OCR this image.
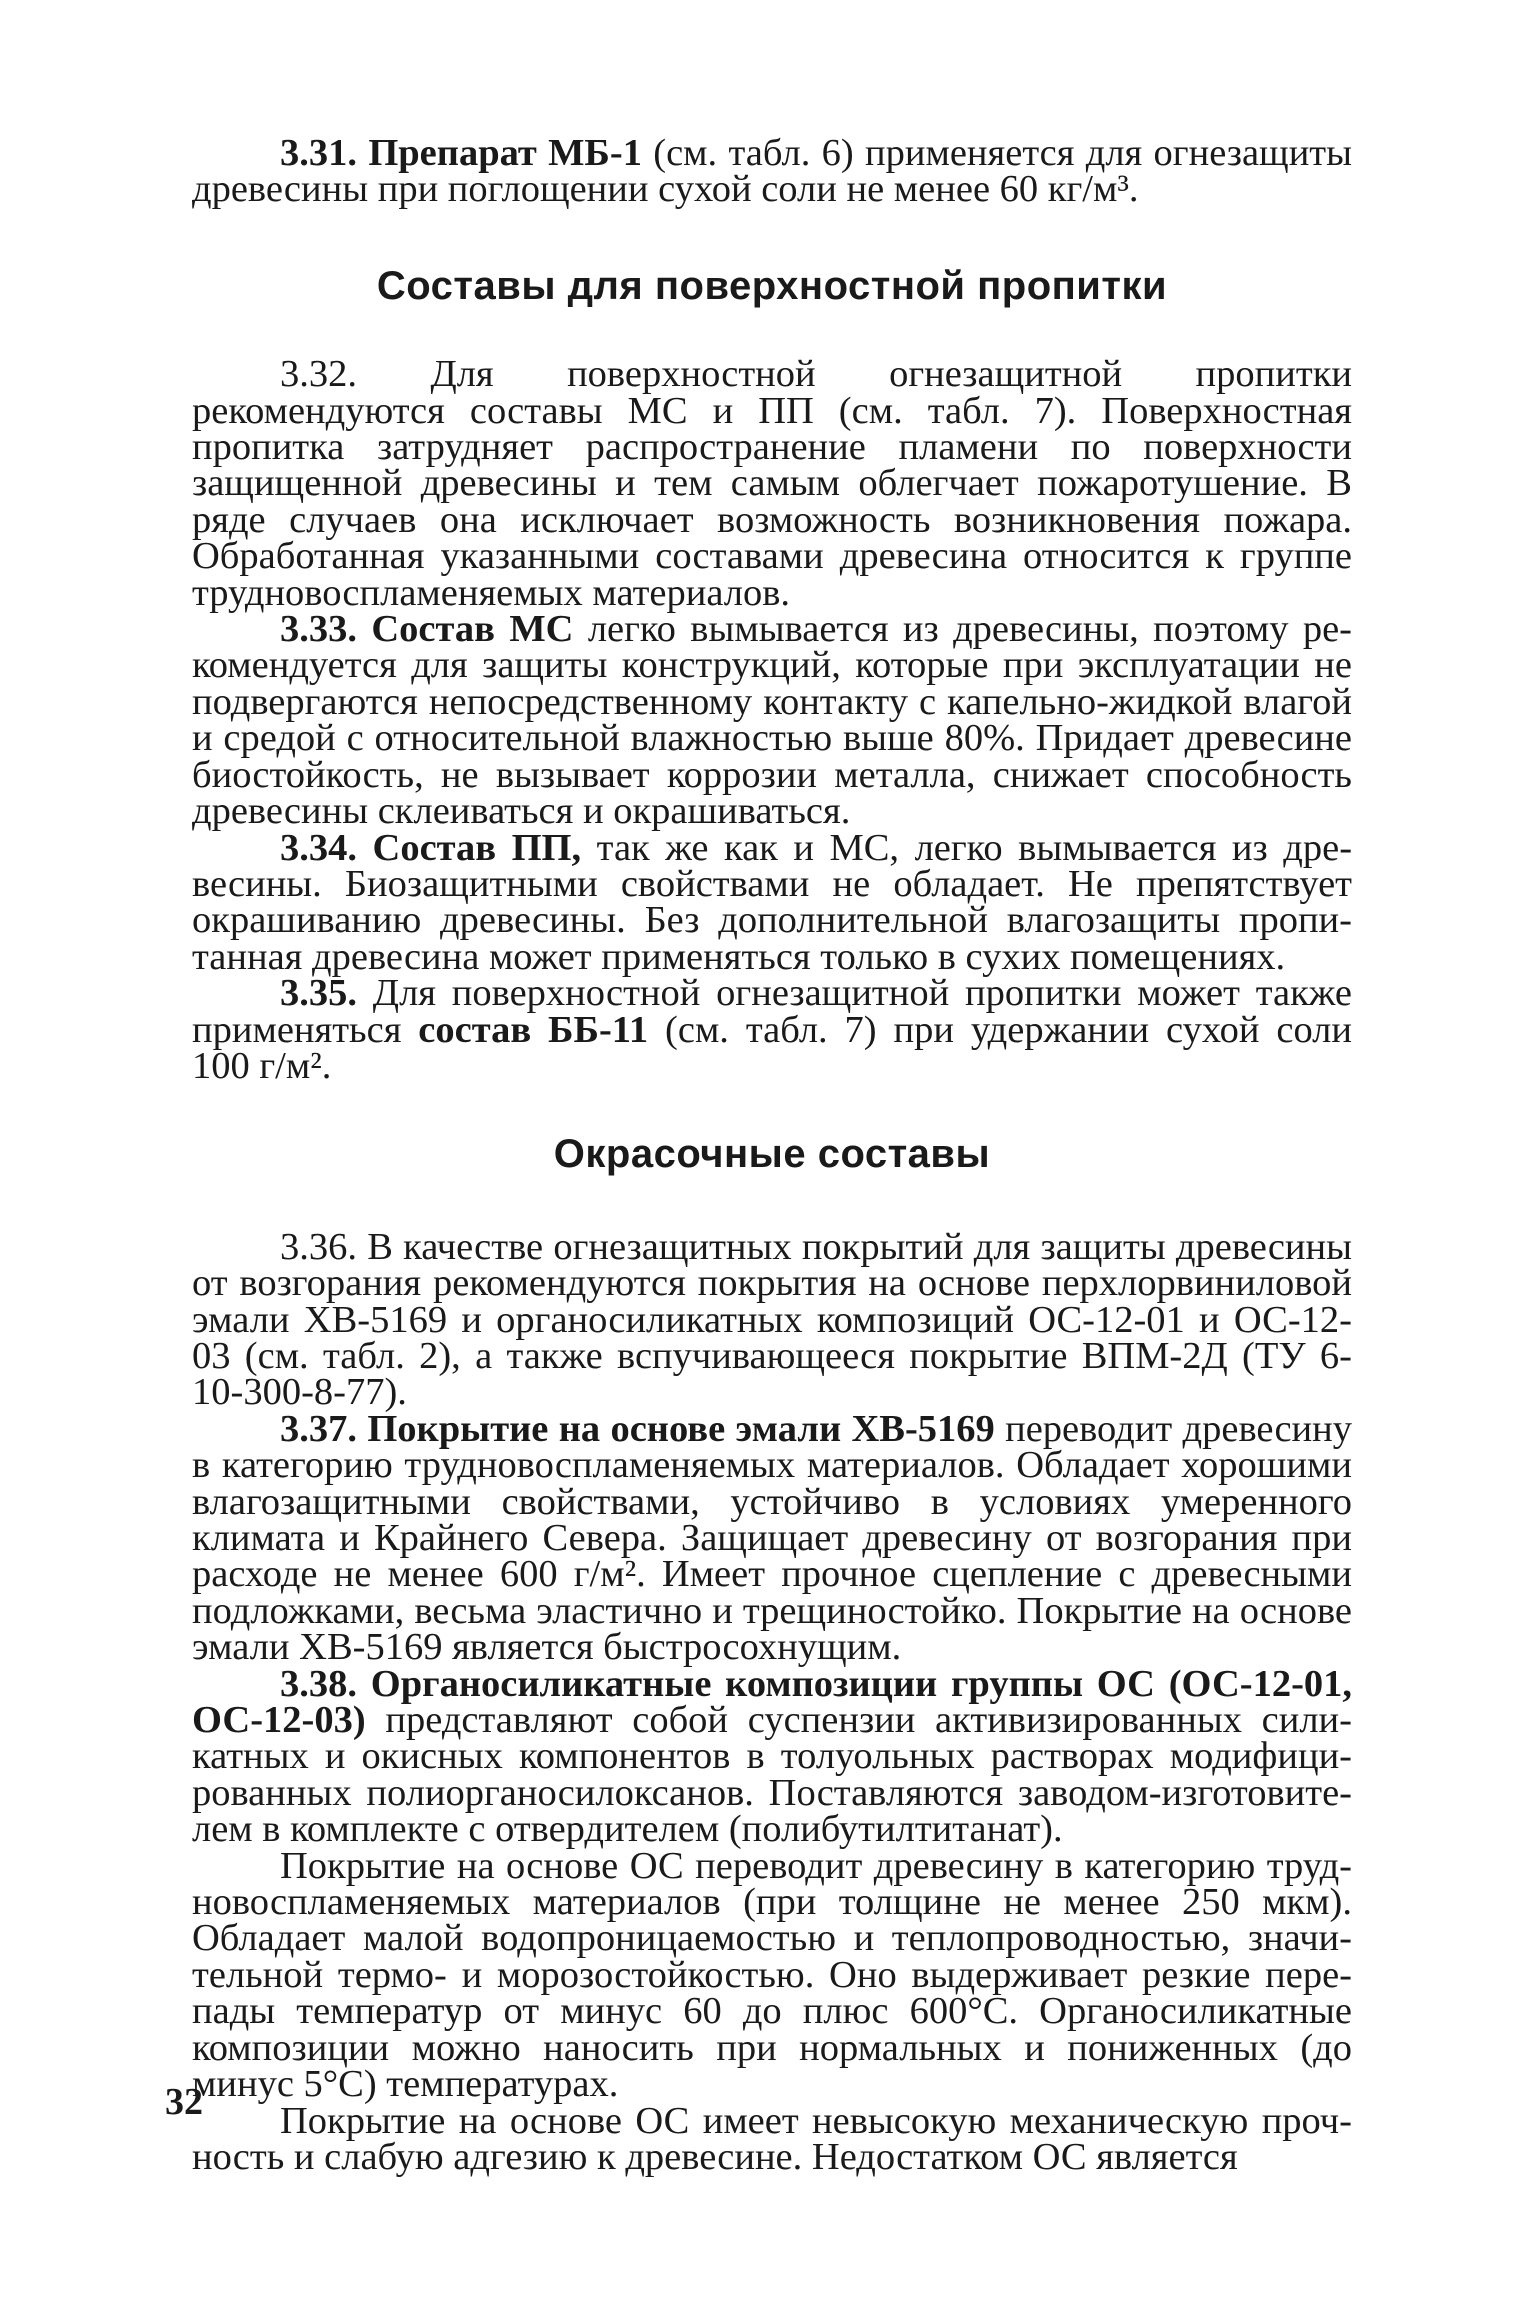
3.31. Препарат МБ-1 (см. табл. 6) применяется для огнезащиты древесины при поглощении сухой соли не менее 60 кг/м³.

Составы для поверхностной пропитки

3.32. Для поверхностной огнезащитной пропитки рекомендуются составы МС и ПП (см. табл. 7). Поверхностная пропитка затрудняет распространение пламени по поверхности защищенной древесины и тем самым облегчает пожаротушение. В ряде случаев она исключает возможность возникновения пожара. Обработанная указанными составами древесина относится к группе трудновоспламеняемых материалов.

3.33. Состав МС легко вымывается из древесины, поэтому рекомендуется для защиты конструкций, которые при эксплуатации не подвергаются непосредственному контакту с капельно-жидкой влагой и средой с относительной влажностью выше 80%. Придает древесине биостойкость, не вызывает коррозии металла, снижает способность древесины склеиваться и окрашиваться.

3.34. Состав ПП, так же как и МС, легко вымывается из древесины. Биозащитными свойствами не обладает. Не препятствует окрашиванию древесины. Без дополнительной влагозащиты пропитанная древесина может применяться только в сухих помещениях.

3.35. Для поверхностной огнезащитной пропитки может также применяться состав ББ-11 (см. табл. 7) при удержании сухой соли 100 г/м².

Окрасочные составы

3.36. В качестве огнезащитных покрытий для защиты древесины от возгорания рекомендуются покрытия на основе перхлорвиниловой эмали ХВ-5169 и органосиликатных композиций ОС-12-01 и ОС-12-03 (см. табл. 2), а также вспучивающееся покрытие ВПМ-2Д (ТУ 6-10-300-8-77).

3.37. Покрытие на основе эмали ХВ-5169 переводит древесину в категорию трудновоспламеняемых материалов. Обладает хорошими влагозащитными свойствами, устойчиво в условиях умеренного климата и Крайнего Севера. Защищает древесину от возгорания при расходе не менее 600 г/м². Имеет прочное сцепление с древесными подложками, весьма эластично и трещиностойко. Покрытие на основе эмали ХВ-5169 является быстросохнущим.

3.38. Органосиликатные композиции группы ОС (ОС-12-01, ОС-12-03) представляют собой суспензии активизированных силикатных и окисных компонентов в толуольных растворах модифицированных полиорганосилоксанов. Поставляются заводом-изготовителем в комплекте с отвердителем (полибутилтитанат).

Покрытие на основе ОС переводит древесину в категорию трудновоспламеняемых материалов (при толщине не менее 250 мкм). Обладает малой водопроницаемостью и теплопроводностью, значительной термо- и морозостойкостью. Оно выдерживает резкие перепады температур от минус 60 до плюс 600°С. Органосиликатные композиции можно наносить при нормальных и пониженных (до минус 5°С) температурах.

Покрытие на основе ОС имеет невысокую механическую прочность и слабую адгезию к древесине. Недостатком ОС является

32
